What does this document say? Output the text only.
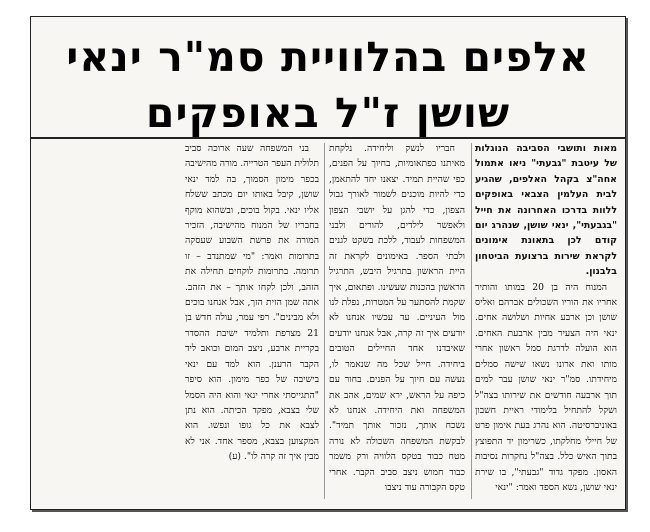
אלפים בהלוויית סמ"ר ינאי
שושן ז"ל באופקים
מאות ותושבי הסביבה הנוגלות של עיטבת "גבעתי" ניאו אתמול אחה"צ בקהל האלפים, שהגיע לבית העלמין הצבאי באופקים ללוות בדרכו האחרונה את חייל "בגבעתי", ינאי שושן, שנהרג יום קודם לכן בתאונת אימונים לקראת שירות ברצועת הביטחון בלבנון.

המנוח היה בן 20 במותו והותיר אחריו את הוריו השכולים אברהם ואליס שושן וכן ארבע אחיות ושלושה אחים. ינאי היה הצעיר מבין ארבעת האחים. הוא הועלה לדרגת סמל ראשון אחרי מותו ואת ארונו נשאו שישה סמלים מיחידתו. סמ"ר ינאי שושן עבר למים תוך ארבעה חודשים את שירותו בצה"ל ושקל להתחיל בלימודי ראיית חשבון באוניברסיטה. הוא נהרג בעת אימון פרט של חיילי מחלקתו, כשרימון יד התפוצץ בתוך האיש כלל. בצה"ל נחקרות נסיבות האסון. מפקד גדוד "גבעתי", בו שירת ינאי שושן, נשא הספד ואמר: "ינאי

חבריו לנשק וליחידה. נלקחת מאיתנו בפתאומיות, בחיוך על הפנים, כפי שהיית תמיד. יצאנו יחד להתאמן, כדי להיות מוכנים לשמור לאורך גבול הצפון, כדי להגן על יושבי הצפון ולאפשר לילדים, להורים ולבני המשפחות לעבוד, ללכת בשקט לגנים ולבתי הספר. באימונים לקראת זה היית הראשון בתרגיל היבש, התרגיל הראשון בהכנות שעשינו. ופתאום, איך שקמת להסתער על המטרות, נפלת לנו מול העיניים. עד עכשיו אנחנו לא יודעים איך זה קרה, אבל אנחנו יודעים שאיבדנו אחד החיילים הטובים ביחידה. חייל שכל מה שנאמר לו, נעשה עם חיוך על הפנים. בחור עם כיפה על הראש, ירא שמים, אהב את המשפחה ואת היחידה. אנחנו לא נשכח אותך, נזכור אותך תמיד". לבקשת המשפחה השכולה לא נורה מטח כבוד בטקס הלוויה ורק משמר כבוד חמוש ניצב סביב הקבר. אחרי טקס הקבורה עוד ניצבו

בני המשפחה שעה ארוכה סביב תלולית העפר הטרייה. מורה מהישיבה בכפר מימון הסמוך, בה למד ינאי שושן, קיבל באותו יום מכתב ששלח אליו ינאי. בקול בוכים, ובשהוא מוקף בחבריו של המנוח מהישיבה, הזכיר המורה את פרשת השבוע שעסקה בתרומות ואמר: "מי שמתנדב – זו תרומה. בתרומות לוקחים תחילה את הזהב, ולכן לקחו אותך – את הזהב. אתה שמן הזית הזך, אבל אנחנו בוכים ולא מבינים". רפי עמר, עולה חדש בן 21 מצרפת ותלמיד ישיבת ההסדר בקריית ארבע, ניצב המום וכואב ליד הקבר הרענן. הוא למד עם ינאי בישיבה של כפר מימון. הוא סיפר "התגייסתי אחרי ינאי והוא היה הסמל שלי בצבא, מפקד הכיתה. הוא נתן לצבא את כל גופו ונפשו. הוא המקצוען בצבא, מספר אחד. אני לא מבין איך זה קרה לו". (ע)
